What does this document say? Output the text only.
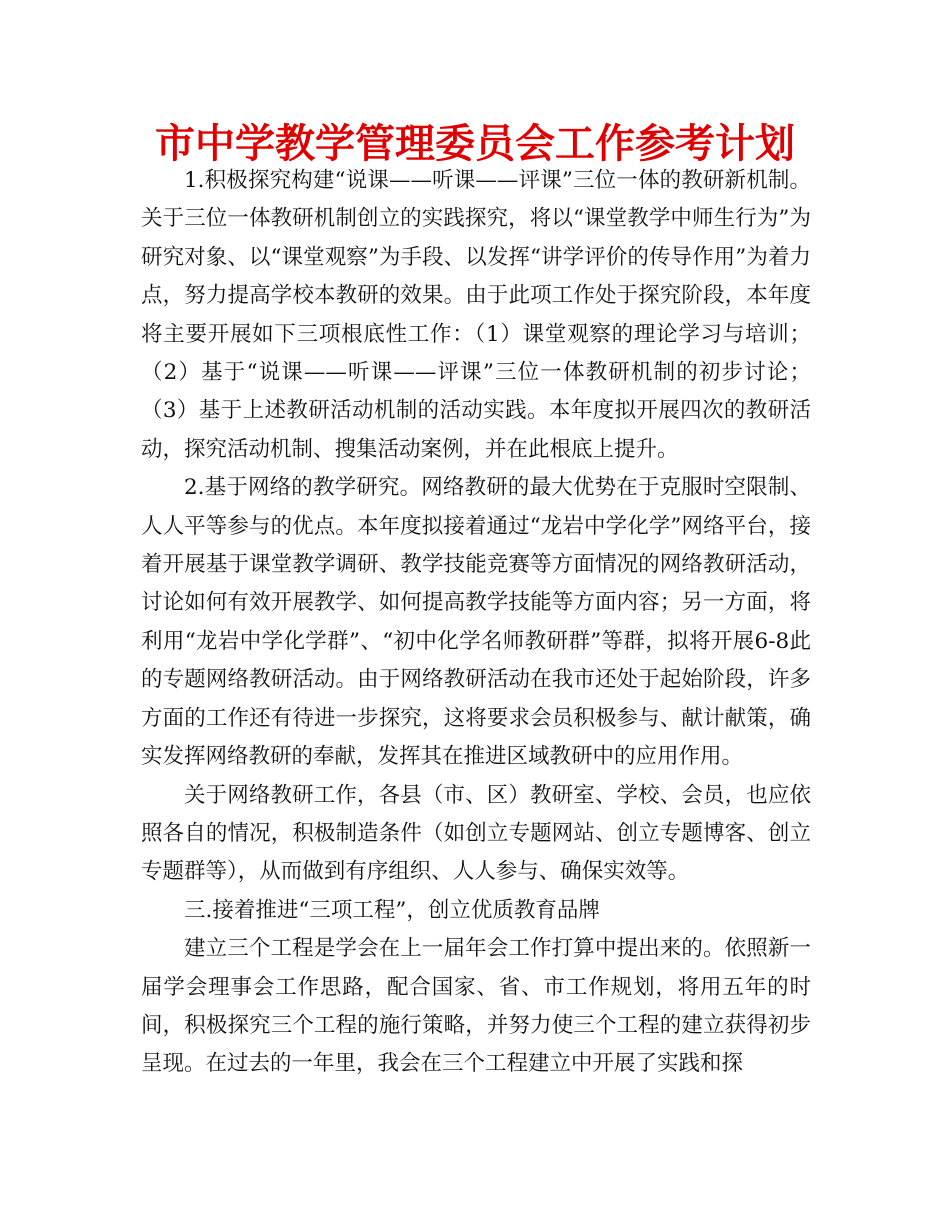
市中学教学管理委员会工作参考计划

1.积极探究构建“说课——听课——评课”三位一体的教研新机制。关于三位一体教研机制创立的实践探究，将以“课堂教学中师生行为”为研究对象、以“课堂观察”为手段、以发挥“讲学评价的传导作用”为着力点，努力提高学校本教研的效果。由于此项工作处于探究阶段，本年度将主要开展如下三项根底性工作：（1）课堂观察的理论学习与培训；（2）基于“说课——听课——评课”三位一体教研机制的初步讨论；（3）基于上述教研活动机制的活动实践。本年度拟开展四次的教研活动，探究活动机制、搜集活动案例，并在此根底上提升。

2.基于网络的教学研究。网络教研的最大优势在于克服时空限制、人人平等参与的优点。本年度拟接着通过“龙岩中学化学”网络平台，接着开展基于课堂教学调研、教学技能竞赛等方面情况的网络教研活动，讨论如何有效开展教学、如何提高教学技能等方面内容；另一方面，将利用“龙岩中学化学群”、“初中化学名师教研群”等群，拟将开展6-8此的专题网络教研活动。由于网络教研活动在我市还处于起始阶段，许多方面的工作还有待进一步探究，这将要求会员积极参与、献计献策，确实发挥网络教研的奉献，发挥其在推进区域教研中的应用作用。

关于网络教研工作，各县（市、区）教研室、学校、会员，也应依照各自的情况，积极制造条件（如创立专题网站、创立专题博客、创立专题群等），从而做到有序组织、人人参与、确保实效等。

三.接着推进“三项工程”，创立优质教育品牌

建立三个工程是学会在上一届年会工作打算中提出来的。依照新一届学会理事会工作思路，配合国家、省、市工作规划，将用五年的时间，积极探究三个工程的施行策略，并努力使三个工程的建立获得初步呈现。在过去的一年里，我会在三个工程建立中开展了实践和探
